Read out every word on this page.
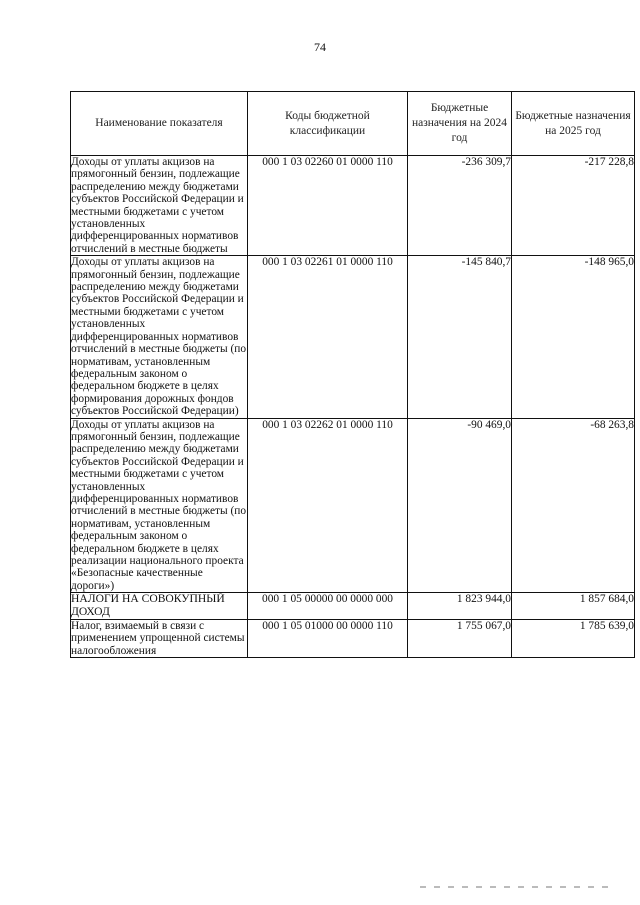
74
Наименование показателя	Коды бюджетной классификации	Бюджетные назначения на 2024 год	Бюджетные назначения на 2025 год
Доходы от уплаты акцизов на прямогонный бензин, подлежащие распределению между бюджетами субъектов Российской Федерации и местными бюджетами с учетом установленных дифференцированных нормативов отчислений в местные бюджеты	000 1 03 02260 01 0000 110	-236 309,7	-217 228,8
Доходы от уплаты акцизов на прямогонный бензин, подлежащие распределению между бюджетами субъектов Российской Федерации и местными бюджетами с учетом установленных дифференцированных нормативов отчислений в местные бюджеты (по нормативам, установленным федеральным законом о федеральном бюджете в целях формирования дорожных фондов субъектов Российской Федерации)	000 1 03 02261 01 0000 110	-145 840,7	-148 965,0
Доходы от уплаты акцизов на прямогонный бензин, подлежащие распределению между бюджетами субъектов Российской Федерации и местными бюджетами с учетом установленных дифференцированных нормативов отчислений в местные бюджеты (по нормативам, установленным федеральным законом о федеральном бюджете в целях реализации национального проекта «Безопасные качественные дороги»)	000 1 03 02262 01 0000 110	-90 469,0	-68 263,8
НАЛОГИ НА СОВОКУПНЫЙ ДОХОД	000 1 05 00000 00 0000 000	1 823 944,0	1 857 684,0
Налог, взимаемый в связи с применением упрощенной системы налогообложения	000 1 05 01000 00 0000 110	1 755 067,0	1 785 639,0
